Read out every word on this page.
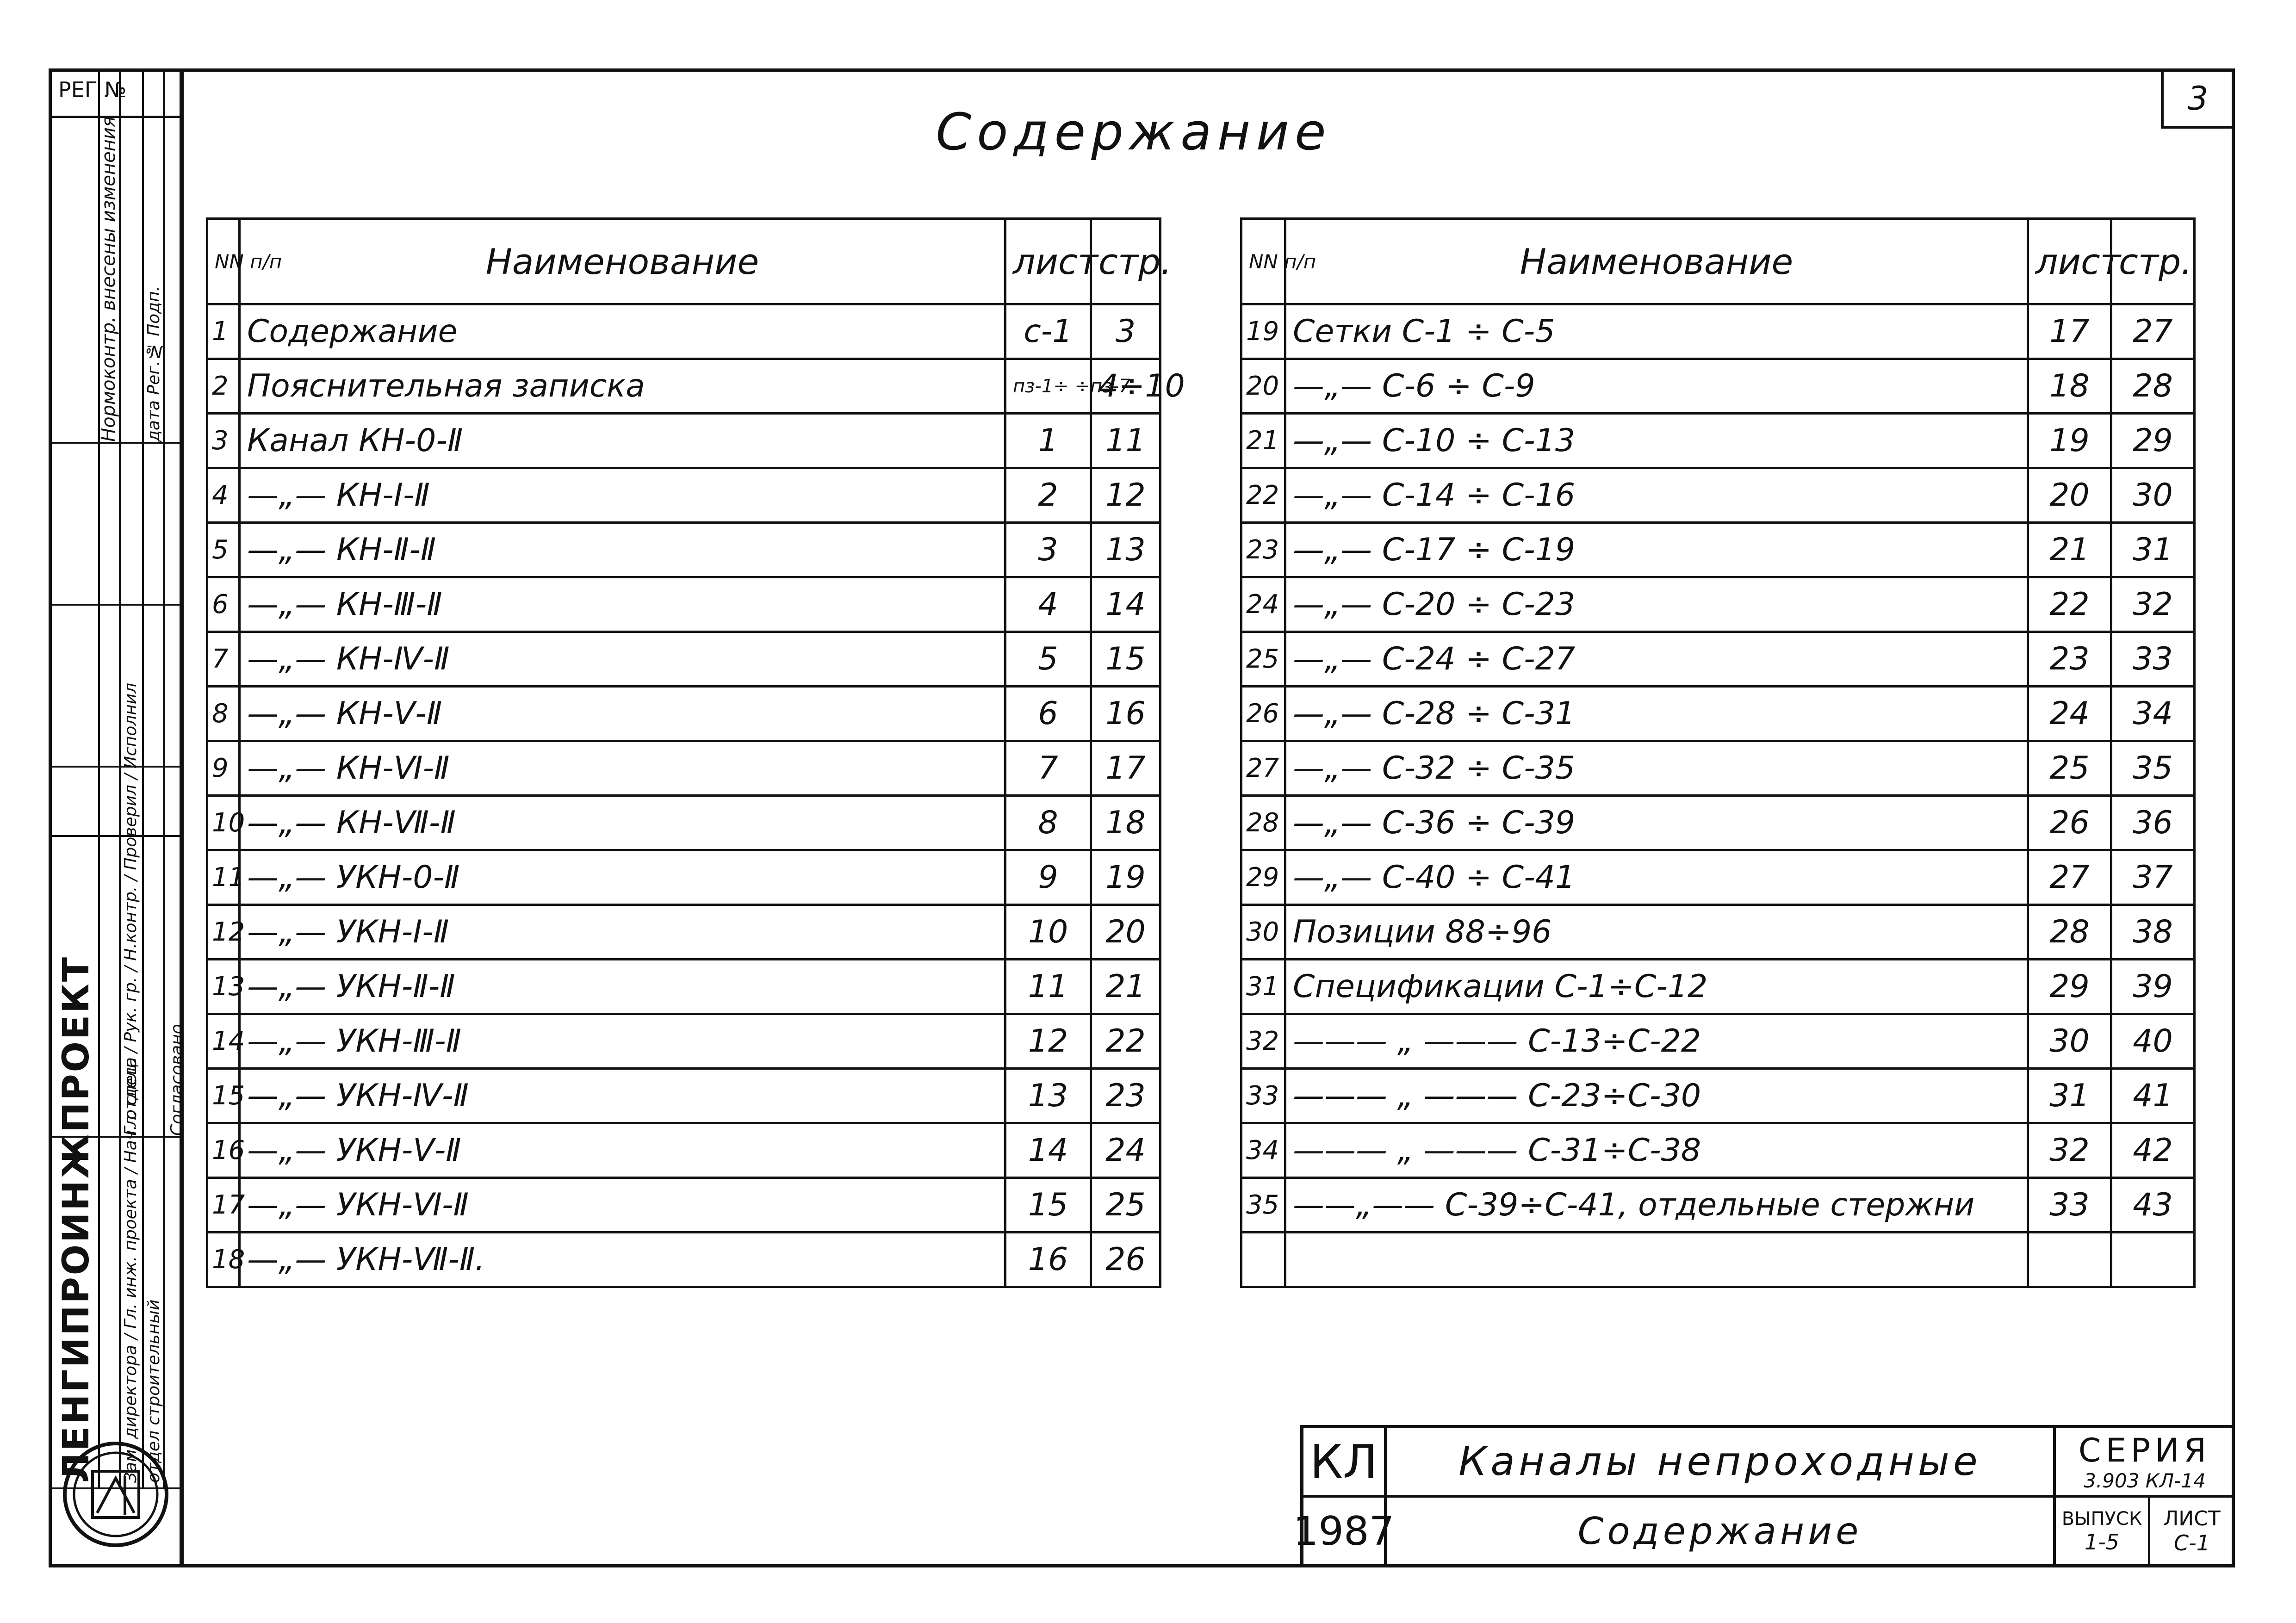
РЕГ №
Нормоконтр. внесены изменения дата Рег.№ Подп.
Согласовано
Гл. спец. / Рук. гр. / Н.контр. / Проверил / Исполнил
Зам. директора / Гл. инж. проекта / Нач. отдела отдел строительный
ЛЕНГИПРОИНЖПРОЕКТ
3
Содержание
NN п/п	Наименование	лист	стр.
1	Содержание	с-1	3
2	Пояснительная записка	пз-1÷ ÷пз-7	4÷10
3	Канал КН-0-Ⅱ	1	11
4	—„— КН-Ⅰ-Ⅱ	2	12
5	—„— КН-Ⅱ-Ⅱ	3	13
6	—„— КН-Ⅲ-Ⅱ	4	14
7	—„— КН-Ⅳ-Ⅱ	5	15
8	—„— КН-Ⅴ-Ⅱ	6	16
9	—„— КН-Ⅵ-Ⅱ	7	17
10	—„— КН-Ⅶ-Ⅱ	8	18
11	—„— УКН-0-Ⅱ	9	19
12	—„— УКН-Ⅰ-Ⅱ	10	20
13	—„— УКН-Ⅱ-Ⅱ	11	21
14	—„— УКН-Ⅲ-Ⅱ	12	22
15	—„— УКН-Ⅳ-Ⅱ	13	23
16	—„— УКН-Ⅴ-Ⅱ	14	24
17	—„— УКН-Ⅵ-Ⅱ	15	25
18	—„— УКН-Ⅶ-Ⅱ.	16	26
NN п/п	Наименование	лист	стр.
19	Сетки С-1 ÷ С-5	17	27
20	—„— С-6 ÷ С-9	18	28
21	—„— С-10 ÷ С-13	19	29
22	—„— С-14 ÷ С-16	20	30
23	—„— С-17 ÷ С-19	21	31
24	—„— С-20 ÷ С-23	22	32
25	—„— С-24 ÷ С-27	23	33
26	—„— С-28 ÷ С-31	24	34
27	—„— С-32 ÷ С-35	25	35
28	—„— С-36 ÷ С-39	26	36
29	—„— С-40 ÷ С-41	27	37
30	Позиции 88÷96	28	38
31	Спецификации С-1÷С-12	29	39
32	——— „ ——— С-13÷С-22	30	40
33	——— „ ——— С-23÷С-30	31	41
34	——— „ ——— С-31÷С-38	32	42
35	——„—— С-39÷С-41, отдельные стержни	33	43

КЛ
1987
Каналы непроходные
Содержание
СЕРИЯ
3.903 КЛ-14
ВЫПУСК
1-5
ЛИСТ
С-1
